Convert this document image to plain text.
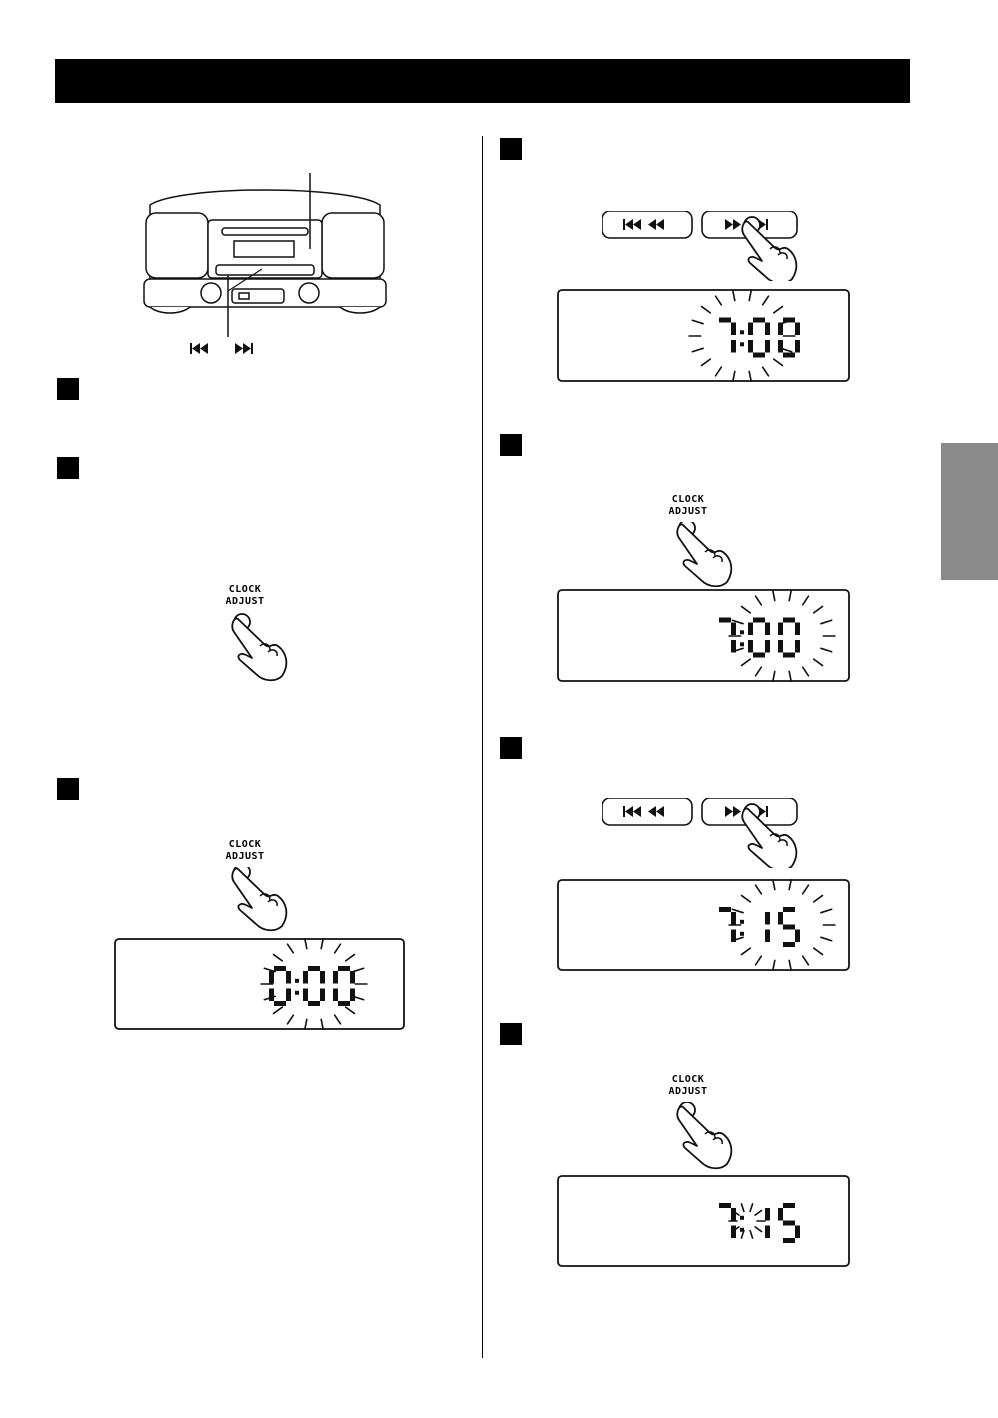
CLOCK
ADJUST
CLOCK
ADJUST
CLOCK
ADJUST
CLOCK
ADJUST
